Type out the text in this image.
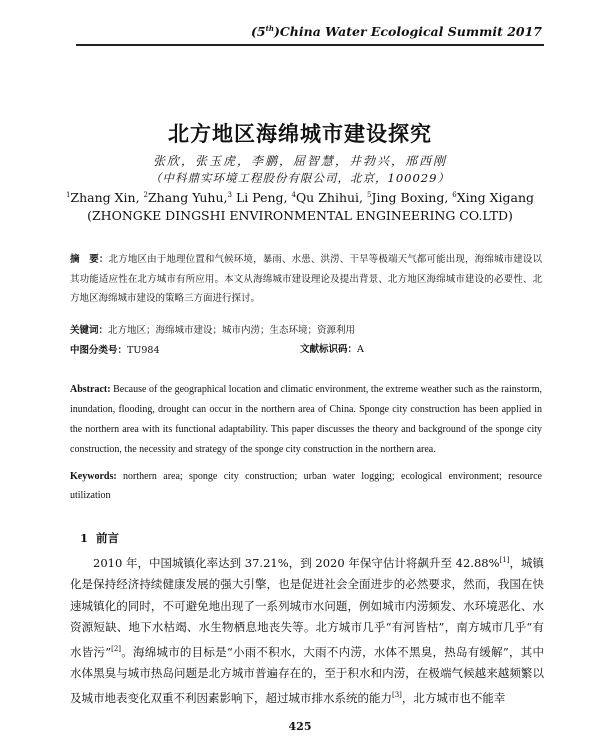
(5th)China Water Ecological Summit 2017
北方地区海绵城市建设探究
张欣，张玉虎，李鹏，屈智慧，井勃兴，邢西刚
（中科鼎实环境工程股份有限公司，北京，100029）
$^1$Zhang Xin, $^2$Zhang Yuhu,$^3$ Li Peng, $^4$Qu Zhihui, $^5$Jing Boxing, $^6$Xing Xigang
(ZHONGKE DINGSHI ENVIRONMENTAL ENGINEERING CO.LTD)
摘　要：北方地区由于地理位置和气候环境，暴雨、水患、洪涝、干旱等极端天气都可能出现，海绵城市建设以其功能适应性在北方城市有所应用。本文从海绵城市建设理论及提出背景、北方地区海绵城市建设的必要性、北方地区海绵城市建设的策略三方面进行探讨。
关键词：北方地区；海绵城市建设；城市内涝；生态环境；资源利用
中图分类号：TU984	文献标识码：A
Abstract: Because of the geographical location and climatic environment, the extreme weather such as the rainstorm, inundation, flooding, drought can occur in the northern area of China. Sponge city construction has been applied in the northern area with its functional adaptability. This paper discusses the theory and background of the sponge city construction, the necessity and strategy of the sponge city construction in the northern area.
Keywords: northern area; sponge city construction; urban water logging; ecological environment; resource utilization
1 前言
2010 年，中国城镇化率达到 37.21%，到 2020 年保守估计将飙升至 42.88%[1]，城镇化是保持经济持续健康发展的强大引擎，也是促进社会全面进步的必然要求，然而，我国在快速城镇化的同时，不可避免地出现了一系列城市水问题，例如城市内涝频发、水环境恶化、水资源短缺、地下水枯竭、水生物栖息地丧失等。北方城市几乎“有河皆枯”，南方城市几乎“有水皆污”[2]。海绵城市的目标是“小雨不积水，大雨不内涝，水体不黑臭，热岛有缓解”，其中水体黑臭与城市热岛问题是北方城市普遍存在的，至于积水和内涝，在极端气候越来越频繁以及城市地表变化双重不利因素影响下，超过城市排水系统的能力[3]，北方城市也不能幸
425
